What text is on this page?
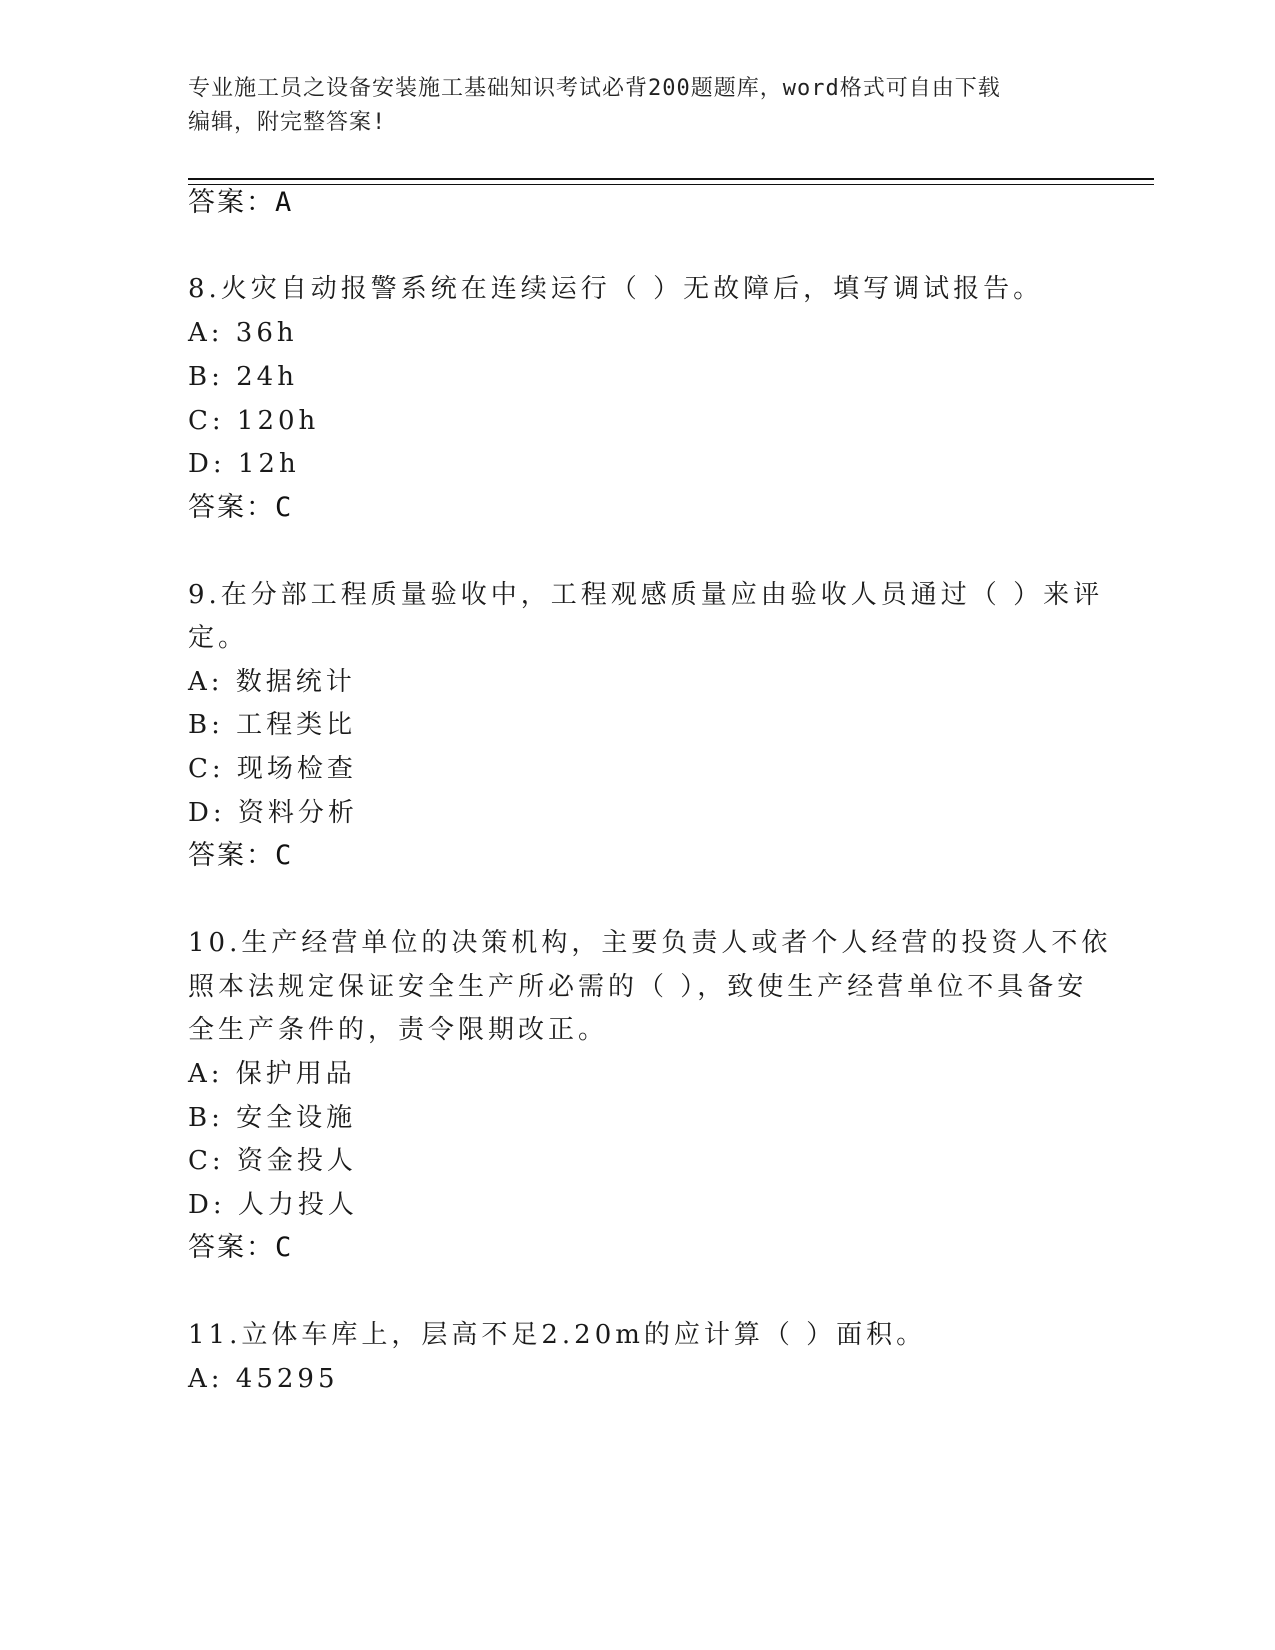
专业施工员之设备安装施工基础知识考试必背200题题库，word格式可自由下载
编辑，附完整答案!
答案：A
8.火灾自动报警系统在连续运行（ ）无故障后，填写调试报告。
A: 36h
B: 24h
C: 120h
D: 12h
答案：C
9.在分部工程质量验收中，工程观感质量应由验收人员通过（ ）来评
定。
A: 数据统计
B: 工程类比
C: 现场检查
D: 资料分析
答案：C
10.生产经营单位的决策机构，主要负责人或者个人经营的投资人不依
照本法规定保证安全生产所必需的（ ），致使生产经营单位不具备安
全生产条件的，责令限期改正。
A: 保护用品
B: 安全设施
C: 资金投人
D: 人力投人
答案：C
11.立体车库上，层高不足2.20m的应计算（ ）面积。
A: 45295
